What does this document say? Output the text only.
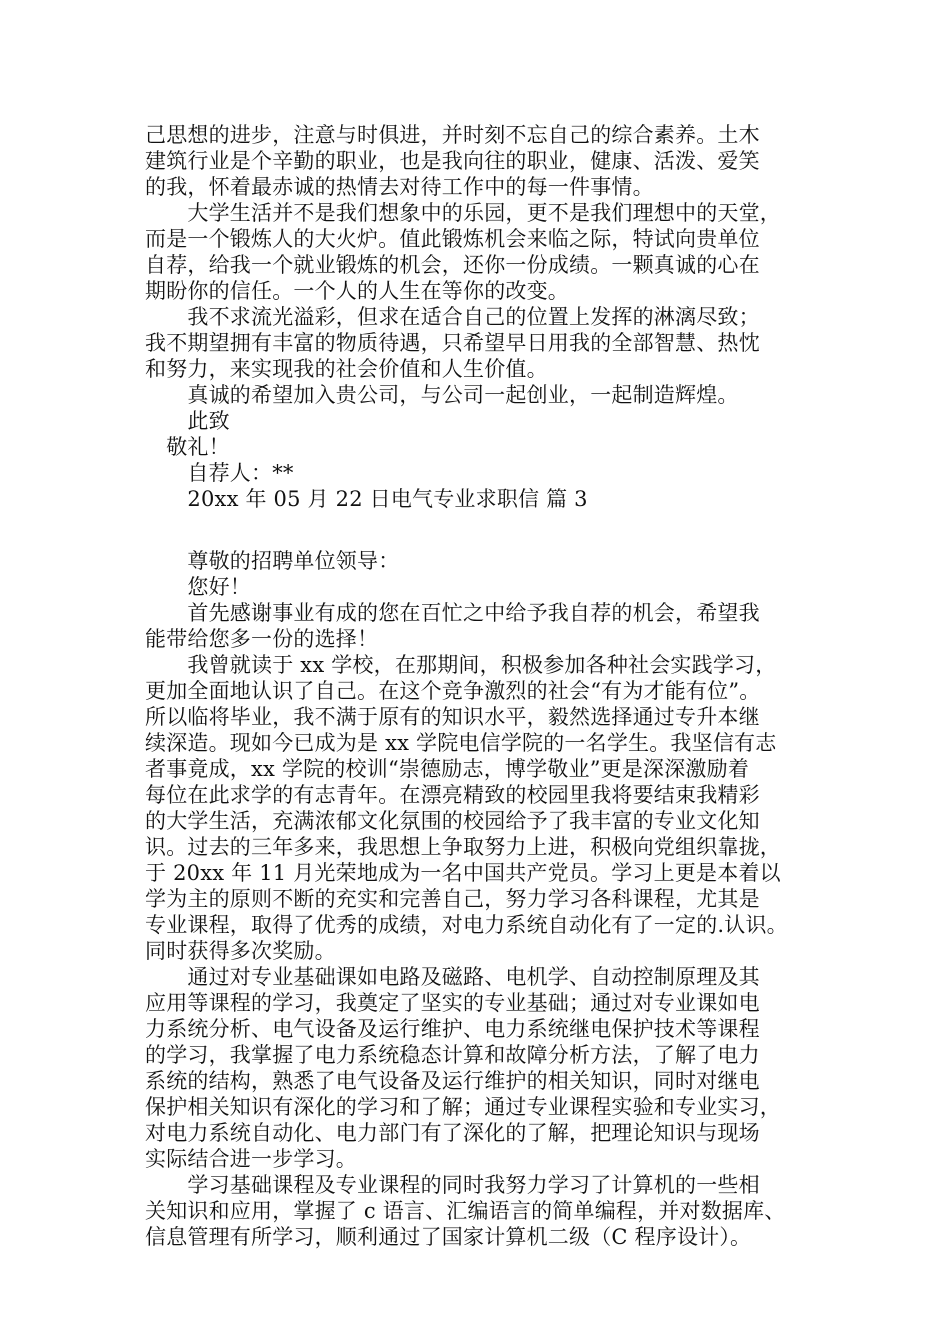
己思想的进步，注意与时俱进，并时刻不忘自己的综合素养。土木
建筑行业是个辛勤的职业，也是我向往的职业，健康、活泼、爱笑
的我，怀着最赤诚的热情去对待工作中的每一件事情。
　　大学生活并不是我们想象中的乐园，更不是我们理想中的天堂，
而是一个锻炼人的大火炉。值此锻炼机会来临之际，特试向贵单位
自荐，给我一个就业锻炼的机会，还你一份成绩。一颗真诚的心在
期盼你的信任。一个人的人生在等你的改变。
　　我不求流光溢彩，但求在适合自己的位置上发挥的淋漓尽致；
我不期望拥有丰富的物质待遇，只希望早日用我的全部智慧、热忱
和努力，来实现我的社会价值和人生价值。
　　真诚的希望加入贵公司，与公司一起创业，一起制造辉煌。
　　此致
　敬礼！
　　自荐人：**
　　20xx 年 05 月 22 日电气专业求职信 篇 3
　　尊敬的招聘单位领导：
　　您好！
　　首先感谢事业有成的您在百忙之中给予我自荐的机会，希望我
能带给您多一份的选择！
　　我曾就读于 xx 学校，在那期间，积极参加各种社会实践学习，
更加全面地认识了自己。在这个竞争激烈的社会“有为才能有位”。
所以临将毕业，我不满于原有的知识水平，毅然选择通过专升本继
续深造。现如今已成为是 xx 学院电信学院的一名学生。我坚信有志
者事竟成，xx 学院的校训“崇德励志，博学敬业”更是深深激励着
每位在此求学的有志青年。在漂亮精致的校园里我将要结束我精彩
的大学生活，充满浓郁文化氛围的校园给予了我丰富的专业文化知
识。过去的三年多来，我思想上争取努力上进，积极向党组织靠拢，
于 20xx 年 11 月光荣地成为一名中国共产党员。学习上更是本着以
学为主的原则不断的充实和完善自己，努力学习各科课程，尤其是
专业课程，取得了优秀的成绩，对电力系统自动化有了一定的.认识。
同时获得多次奖励。
　　通过对专业基础课如电路及磁路、电机学、自动控制原理及其
应用等课程的学习，我奠定了坚实的专业基础；通过对专业课如电
力系统分析、电气设备及运行维护、电力系统继电保护技术等课程
的学习，我掌握了电力系统稳态计算和故障分析方法，了解了电力
系统的结构，熟悉了电气设备及运行维护的相关知识，同时对继电
保护相关知识有深化的学习和了解；通过专业课程实验和专业实习，
对电力系统自动化、电力部门有了深化的了解，把理论知识与现场
实际结合进一步学习。
　　学习基础课程及专业课程的同时我努力学习了计算机的一些相
关知识和应用，掌握了 c 语言、汇编语言的简单编程，并对数据库、
信息管理有所学习，顺利通过了国家计算机二级（C 程序设计）。
